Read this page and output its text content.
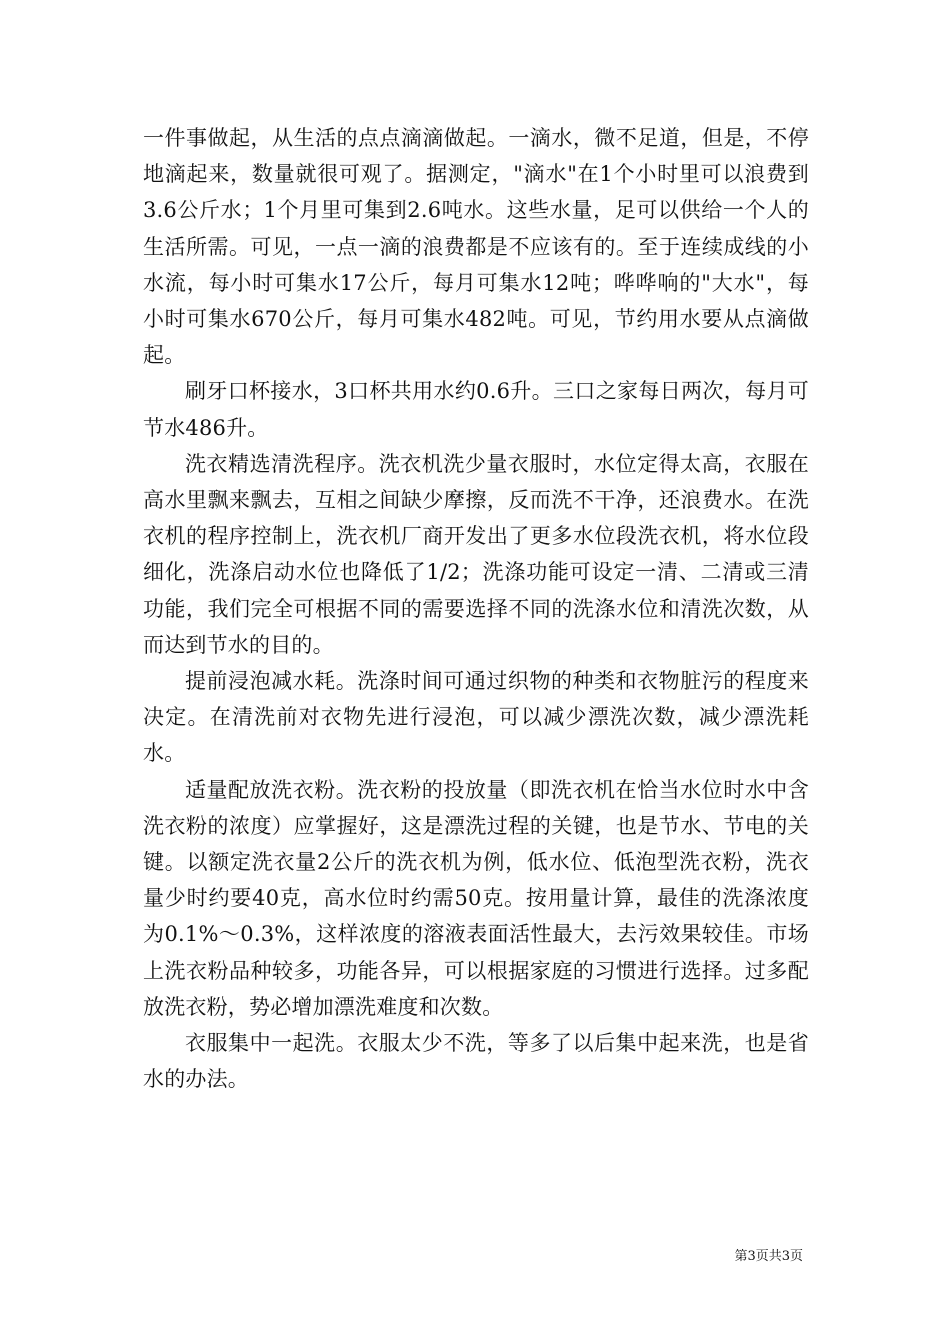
一件事做起，从生活的点点滴滴做起。一滴水，微不足道，但是，不停地滴起来，数量就很可观了。据测定，"滴水"在1个小时里可以浪费到3.6公斤水；1个月里可集到2.6吨水。这些水量，足可以供给一个人的生活所需。可见，一点一滴的浪费都是不应该有的。至于连续成线的小水流，每小时可集水17公斤，每月可集水12吨；哗哗响的"大水"，每小时可集水670公斤，每月可集水482吨。可见，节约用水要从点滴做起。

刷牙口杯接水，3口杯共用水约0.6升。三口之家每日两次，每月可节水486升。

洗衣精选清洗程序。洗衣机洗少量衣服时，水位定得太高，衣服在高水里飘来飘去，互相之间缺少摩擦，反而洗不干净，还浪费水。在洗衣机的程序控制上，洗衣机厂商开发出了更多水位段洗衣机，将水位段细化，洗涤启动水位也降低了1/2；洗涤功能可设定一清、二清或三清功能，我们完全可根据不同的需要选择不同的洗涤水位和清洗次数，从而达到节水的目的。

提前浸泡减水耗。洗涤时间可通过织物的种类和衣物脏污的程度来决定。在清洗前对衣物先进行浸泡，可以减少漂洗次数，减少漂洗耗水。

适量配放洗衣粉。洗衣粉的投放量（即洗衣机在恰当水位时水中含洗衣粉的浓度）应掌握好，这是漂洗过程的关键，也是节水、节电的关键。以额定洗衣量2公斤的洗衣机为例，低水位、低泡型洗衣粉，洗衣量少时约要40克，高水位时约需50克。按用量计算，最佳的洗涤浓度为0.1%～0.3%，这样浓度的溶液表面活性最大，去污效果较佳。市场上洗衣粉品种较多，功能各异，可以根据家庭的习惯进行选择。过多配放洗衣粉，势必增加漂洗难度和次数。

衣服集中一起洗。衣服太少不洗，等多了以后集中起来洗，也是省水的办法。

第3页共3页
